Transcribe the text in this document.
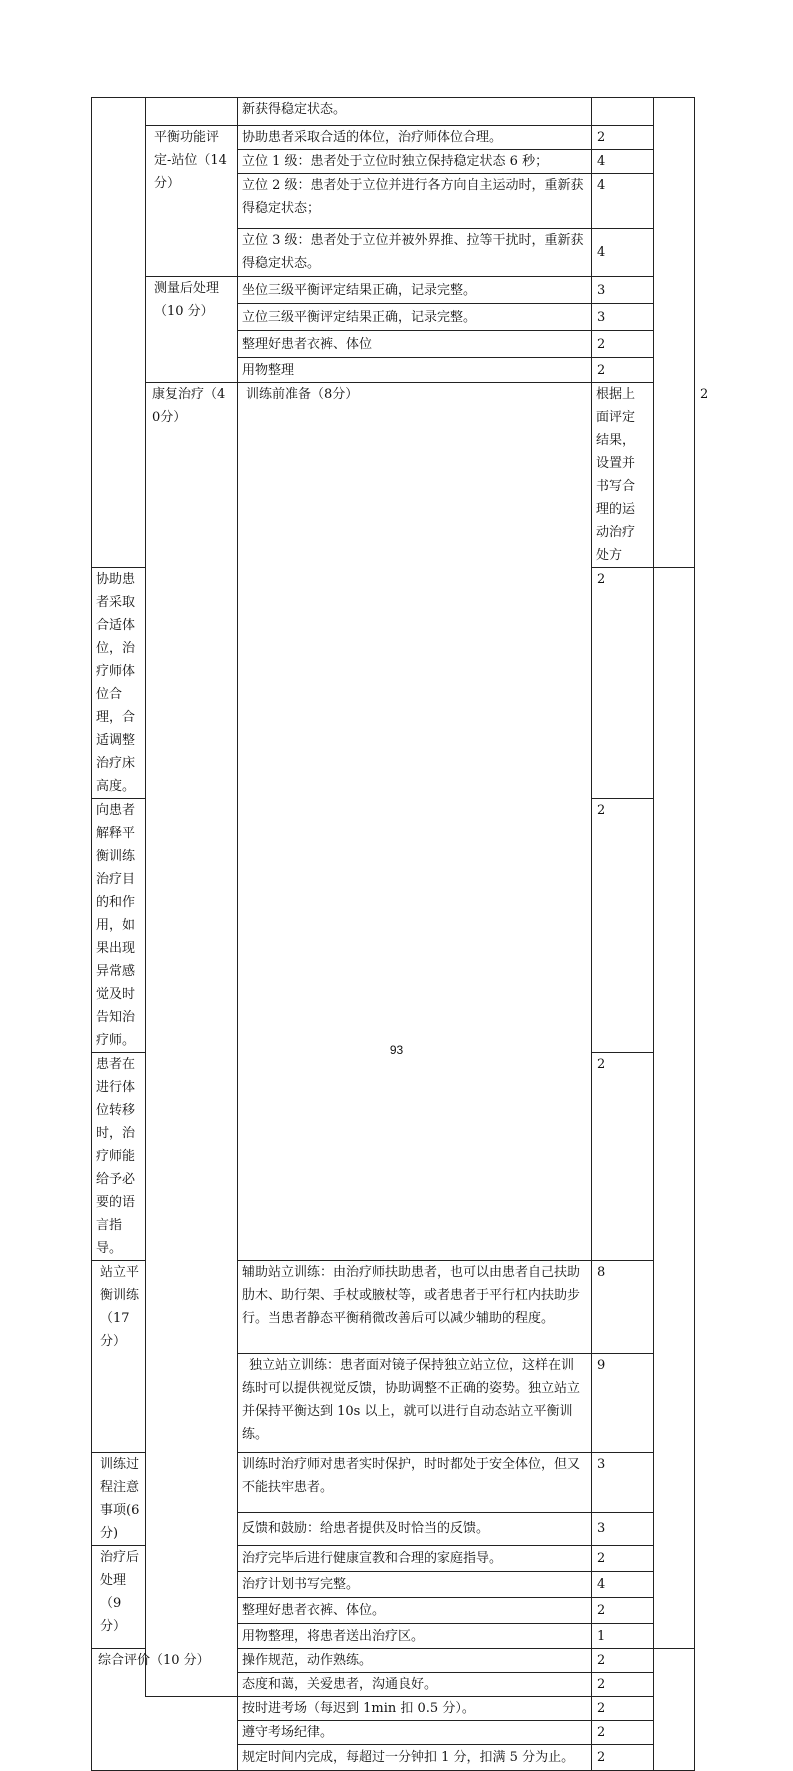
		新获得稳定状态。			
	平衡功能评定-站位（14分）	协助患者采取合适的体位，治疗师体位合理。	2		
		立位 1 级：患者处于立位时独立保持稳定状态 6 秒；	4		
		立位 2 级：患者处于立位并进行各方向自主运动时，重新获得稳定状态；	4		
		立位 3 级：患者处于立位并被外界推、拉等干扰时，重新获得稳定状态。	4		
	测量后处理（10 分）	坐位三级平衡评定结果正确，记录完整。	3		
		立位三级平衡评定结果正确，记录完整。	3		
		整理好患者衣裤、体位	2		
		用物整理	2		
	康复治疗（40分）	训练前准备（8分）	根据上面评定结果，设置并书写合理的运动治疗处方		2	
协助患者采取合适体位，治疗师体位合理，合适调整治疗床高度。			2		
向患者解释平衡训练治疗目的和作用，如果出现异常感觉及时告知治疗师。			2		
患者在进行体位转移时，治疗师能给予必要的语言指导。			2		
站立平衡训练（17分）		辅助站立训练：由治疗师扶助患者，也可以由患者自己扶助肋木、助行架、手杖或腋杖等，或者患者于平行杠内扶助步行。当患者静态平衡稍微改善后可以减少辅助的程度。	8		
		独立站立训练：患者面对镜子保持独立站立位，这样在训练时可以提供视觉反馈，协助调整不正确的姿势。独立站立并保持平衡达到 10s 以上，就可以进行自动态站立平衡训练。	9		
训练过程注意事项(6分)		训练时治疗师对患者实时保护，时时都处于安全体位，但又不能扶牢患者。	3		
		反馈和鼓励：给患者提供及时恰当的反馈。	3		
治疗后处理（9 分）		治疗完毕后进行健康宣教和合理的家庭指导。	2		
		治疗计划书写完整。	4		
		整理好患者衣裤、体位。	2		
		用物整理，将患者送出治疗区。	1		
综合评价（10 分）		操作规范，动作熟练。	2		
		态度和蔼，关爱患者，沟通良好。	2		
		按时进考场（每迟到 1min 扣 0.5 分）。	2		
		遵守考场纪律。	2		
		规定时间内完成，每超过一分钟扣 1 分，扣满 5 分为止。	2		
93
